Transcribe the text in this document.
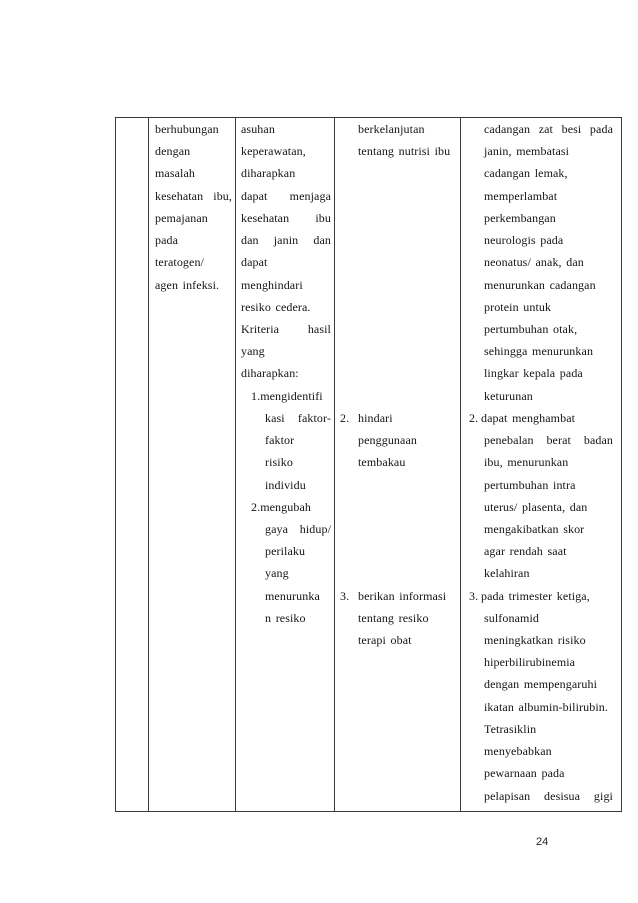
berhubungan
dengan
masalah
kesehatan ibu,
pemajanan
pada
teratogen/
agen infeksi.
asuhan
keperawatan,
diharapkan
dapat menjaga
kesehatan ibu
dan janin dan
dapat
menghindari
resiko cedera.
Kriteria hasil
yang
diharapkan:
1.mengidentifi
kasi faktor-
faktor
risiko
individu
2.mengubah
gaya hidup/
perilaku
yang
menurunka
n resiko
berkelanjutan
tentang nutrisi ibu
2. hindari
penggunaan
tembakau
3. berikan informasi
tentang resiko
terapi obat
cadangan zat besi pada
janin, membatasi
cadangan lemak,
memperlambat
perkembangan
neurologis pada
neonatus/ anak, dan
menurunkan cadangan
protein untuk
pertumbuhan otak,
sehingga menurunkan
lingkar kepala pada
keturunan
2. dapat menghambat
penebalan berat badan
ibu, menurunkan
pertumbuhan intra
uterus/ plasenta, dan
mengakibatkan skor
agar rendah saat
kelahiran
3. pada trimester ketiga,
sulfonamid
meningkatkan risiko
hiperbilirubinemia
dengan mempengaruhi
ikatan albumin-bilirubin.
Tetrasiklin
menyebabkan
pewarnaan pada
pelapisan desisua gigi
24
